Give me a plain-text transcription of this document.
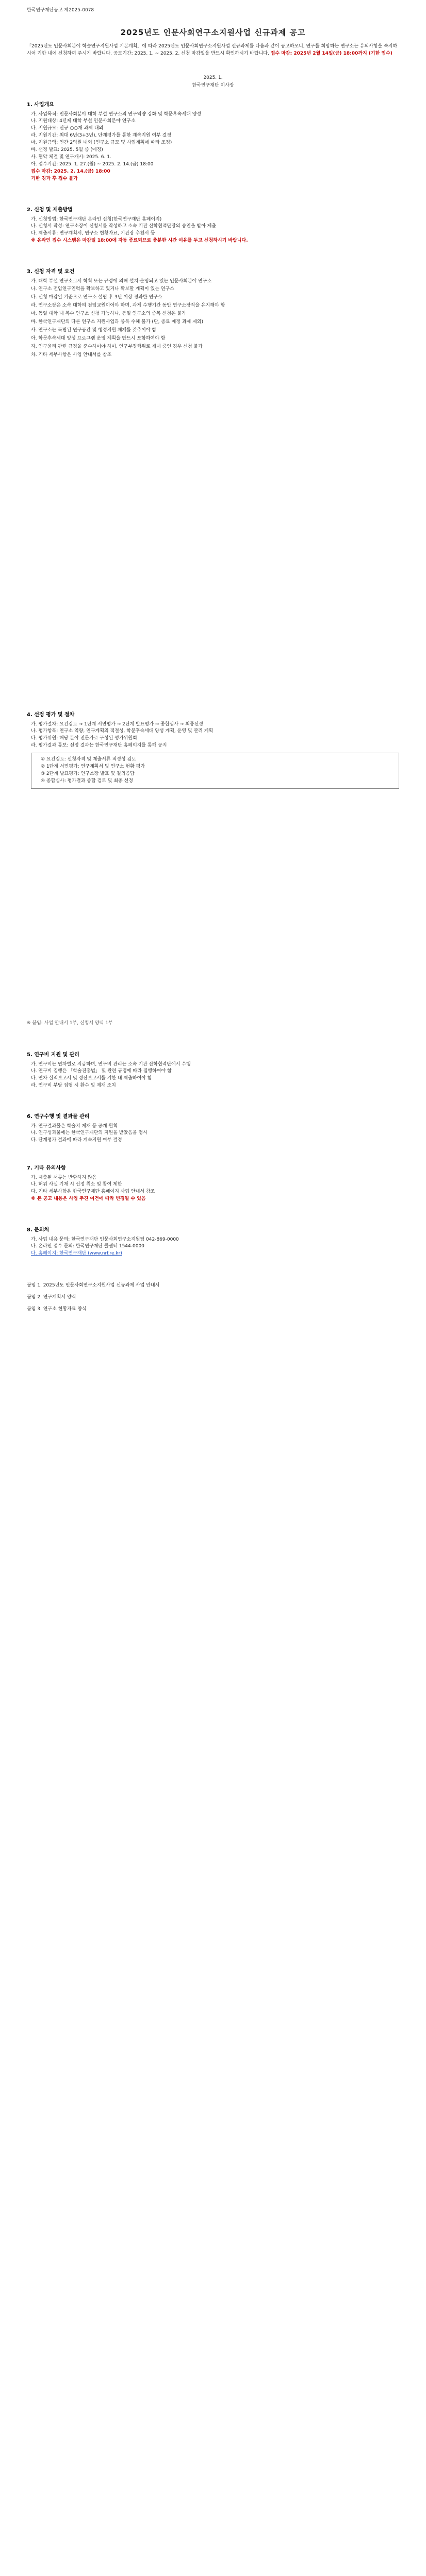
한국연구재단공고 제2025-0078
2025년도 인문사회연구소지원사업 신규과제 공고
「2025년도 인문사회분야 학술연구지원사업 기본계획」에 따라 2025년도 인문사회연구소지원사업 신규과제를 다음과 같이 공고하오니, 연구를 희망하는 연구소는 유의사항을 숙지하시어 기한 내에 신청하여 주시기 바랍니다. 공모기간: 2025. 1. ~ 2025. 2. 신청 마감일을 반드시 확인하시기 바랍니다. 접수 마감: 2025년 2월 14일(금) 18:00까지 (기한 엄수)
2025. 1.
한국연구재단 이사장
1. 사업개요

가. 사업목적: 인문사회분야 대학 부설 연구소의 연구역량 강화 및 학문후속세대 양성

나. 지원대상: 4년제 대학 부설 인문사회분야 연구소

다. 지원규모: 신규 ○○개 과제 내외

라. 지원기간: 최대 6년(3+3년), 단계평가를 통한 계속지원 여부 결정

마. 지원금액: 연간 2억원 내외 (연구소 규모 및 사업계획에 따라 조정)

바. 선정 발표: 2025. 5월 중 (예정)

사. 협약 체결 및 연구개시: 2025. 6. 1.

아. 접수기간: 2025. 1. 27.(월) ~ 2025. 2. 14.(금) 18:00

접수 마감: 2025. 2. 14.(금) 18:00

기한 경과 후 접수 불가

2. 신청 및 제출방법

가. 신청방법: 한국연구재단 온라인 신청(한국연구재단 홈페이지)

나. 신청서 작성: 연구소장이 신청서를 작성하고 소속 기관 산학협력단장의 승인을 받아 제출

다. 제출서류: 연구계획서, 연구소 현황자료, 기관장 추천서 등

※ 온라인 접수 시스템은 마감일 18:00에 자동 종료되므로 충분한 시간 여유를 두고 신청하시기 바랍니다.

3. 신청 자격 및 요건

가. 대학 부설 연구소로서 학칙 또는 규정에 의해 설치·운영되고 있는 인문사회분야 연구소

나. 연구소 전임연구인력을 확보하고 있거나 확보할 계획이 있는 연구소

다. 신청 마감일 기준으로 연구소 설립 후 3년 이상 경과한 연구소

라. 연구소장은 소속 대학의 전임교원이어야 하며, 과제 수행기간 동안 연구소장직을 유지해야 함

마. 동일 대학 내 복수 연구소 신청 가능하나, 동일 연구소의 중복 신청은 불가

바. 한국연구재단의 다른 연구소 지원사업과 중복 수혜 불가 (단, 종료 예정 과제 제외)

사. 연구소는 독립된 연구공간 및 행정지원 체계를 갖추어야 함

아. 학문후속세대 양성 프로그램 운영 계획을 반드시 포함하여야 함

자. 연구윤리 관련 규정을 준수하여야 하며, 연구부정행위로 제재 중인 경우 신청 불가

차. 기타 세부사항은 사업 안내서를 참조

4. 선정 평가 및 절차

가. 평가절차: 요건검토 → 1단계 서면평가 → 2단계 발표평가 → 종합심사 → 최종선정

나. 평가항목: 연구소 역량, 연구계획의 적절성, 학문후속세대 양성 계획, 운영 및 관리 계획

다. 평가위원: 해당 분야 전문가로 구성된 평가위원회

라. 평가결과 통보: 선정 결과는 한국연구재단 홈페이지를 통해 공지

① 요건검토: 신청자격 및 제출서류 적정성 검토

② 1단계 서면평가: 연구계획서 및 연구소 현황 평가

③ 2단계 발표평가: 연구소장 발표 및 질의응답

④ 종합심사: 평가결과 종합 검토 및 최종 선정

※ 붙임: 사업 안내서 1부, 신청서 양식 1부
5. 연구비 지원 및 관리

가. 연구비는 연차별로 지급하며, 연구비 관리는 소속 기관 산학협력단에서 수행

나. 연구비 집행은 「학술진흥법」 및 관련 규정에 따라 집행하여야 함

다. 연차 실적보고서 및 정산보고서를 기한 내 제출하여야 함

라. 연구비 부당 집행 시 환수 및 제재 조치

6. 연구수행 및 결과물 관리

가. 연구결과물은 학술지 게재 등 공개 원칙

나. 연구성과물에는 한국연구재단의 지원을 받았음을 명시

다. 단계평가 결과에 따라 계속지원 여부 결정

7. 기타 유의사항

가. 제출된 서류는 반환하지 않음

나. 허위 사실 기재 시 선정 취소 및 참여 제한

다. 기타 세부사항은 한국연구재단 홈페이지 사업 안내서 참조

※ 본 공고 내용은 사업 추진 여건에 따라 변경될 수 있음

8. 문의처

가. 사업 내용 문의: 한국연구재단 인문사회연구소지원팀 042-869-0000

나. 온라인 접수 문의: 한국연구재단 콜센터 1544-0000

다. 홈페이지: 한국연구재단 (www.nrf.re.kr)

붙임 1. 2025년도 인문사회연구소지원사업 신규과제 사업 안내서

붙임 2. 연구계획서 양식

붙임 3. 연구소 현황자료 양식
